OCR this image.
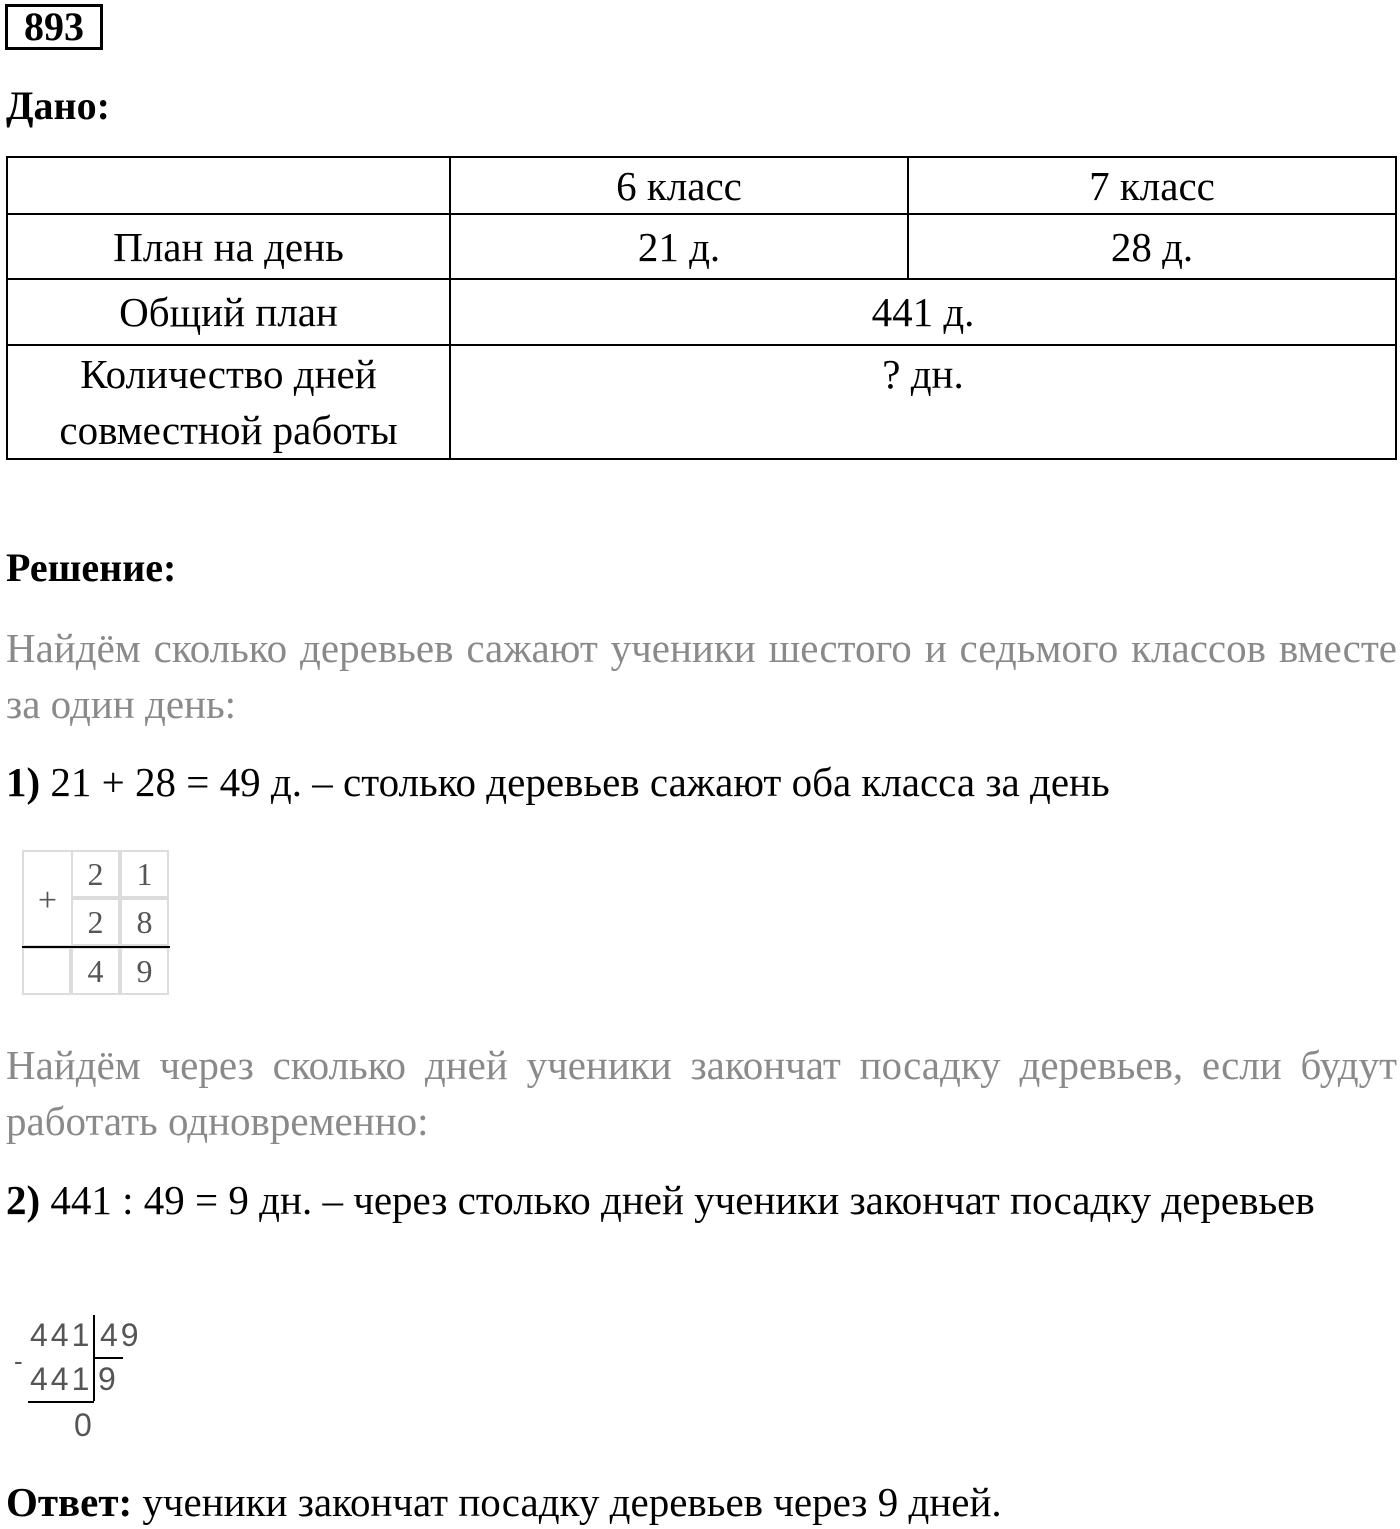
893
Дано:
	6 класс	7 класс
План на день	21 д.	28 д.
Общий план	441 д.	

Количество дней
совместной работы	? дн.	
Решение:
Найдём сколько деревьев сажают ученики шестого и седьмого классов вместе за один день:
1) 21 + 28 = 49 д. – столько деревьев сажают оба класса за день
+
2	1
2	8
4	9
Найдём через сколько дней ученики закончат посадку деревьев, если будут работать одновременно:
2) 441 : 49 = 9 дн. – через столько дней ученики закончат посадку деревьев
441 49
- 441 9
0
Ответ: ученики закончат посадку деревьев через 9 дней.
